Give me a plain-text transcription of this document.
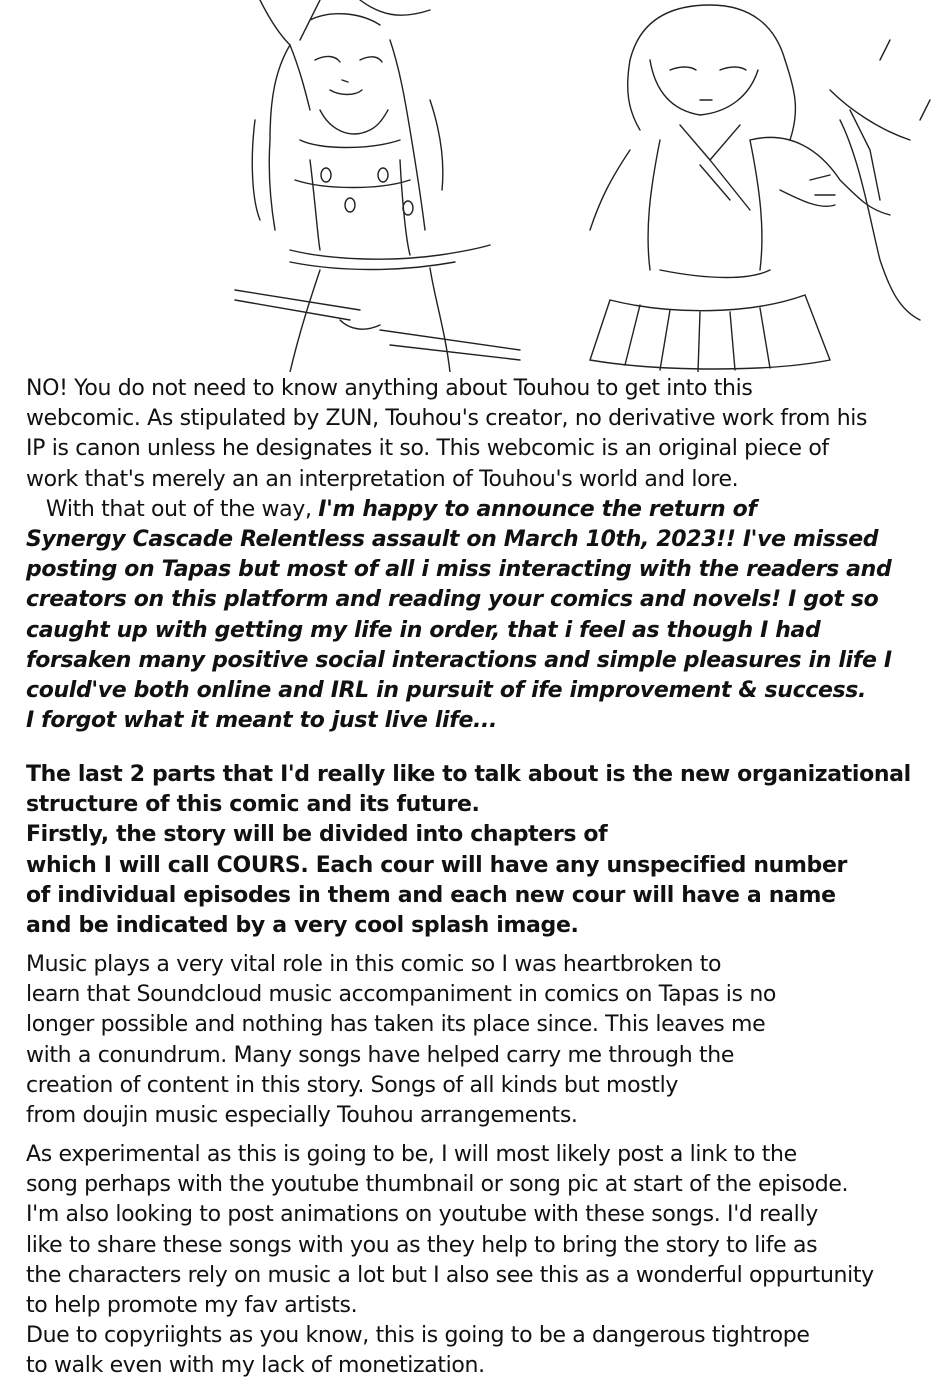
NO! You do not need to know anything about Touhou to get into this
webcomic. As stipulated by ZUN, Touhou's creator, no derivative work from his
IP is canon unless he designates it so. This webcomic is an original piece of
work that's merely an an interpretation of Touhou's world and lore.
With that out of the way, I'm happy to announce the return of
Synergy Cascade Relentless assault on March 10th, 2023!! I've missed
posting on Tapas but most of all i miss interacting with the readers and
creators on this platform and reading your comics and novels! I got so
caught up with getting my life in order, that i feel as though I had
forsaken many positive social interactions and simple pleasures in life I
could've both online and IRL in pursuit of ife improvement & success.
I forgot what it meant to just live life...
The last 2 parts that I'd really like to talk about is the new organizational
structure of this comic and its future.
Firstly, the story will be divided into chapters of
which I will call COURS. Each cour will have any unspecified number
of individual episodes in them and each new cour will have a name
and be indicated by a very cool splash image.
Music plays a very vital role in this comic so I was heartbroken to
learn that Soundcloud music accompaniment in comics on Tapas is no
longer possible and nothing has taken its place since. This leaves me
with a conundrum. Many songs have helped carry me through the
creation of content in this story. Songs of all kinds but mostly
from doujin music especially Touhou arrangements.
As experimental as this is going to be, I will most likely post a link to the
song perhaps with the youtube thumbnail or song pic at start of the episode.
I'm also looking to post animations on youtube with these songs. I'd really
like to share these songs with you as they help to bring the story to life as
the characters rely on music a lot but I also see this as a wonderful oppurtunity
to help promote my fav artists.
Due to copyriights as you know, this is going to be a dangerous tightrope
to walk even with my lack of monetization.
